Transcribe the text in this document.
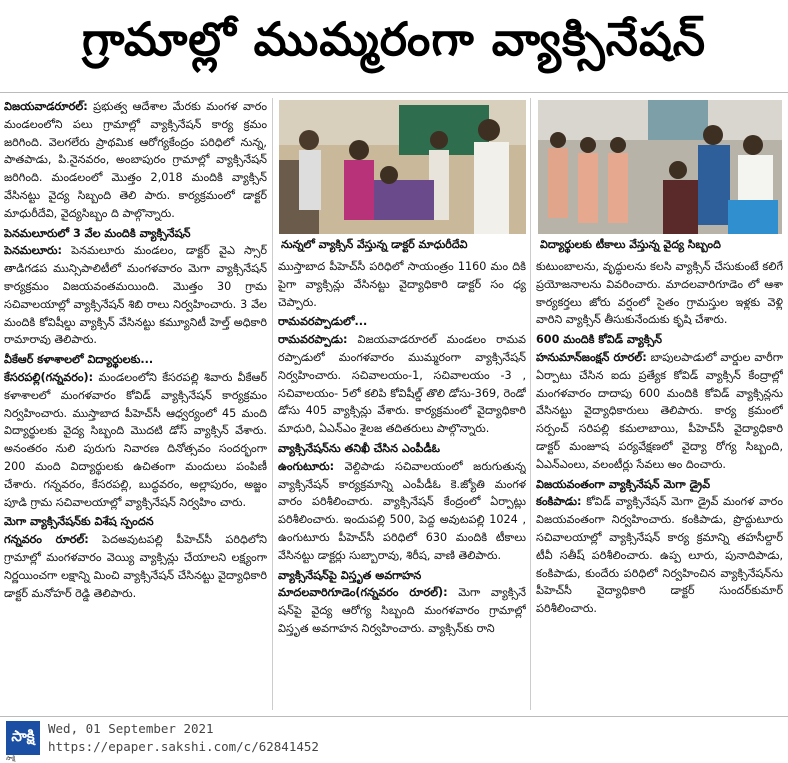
గ్రామాల్లో ముమ్మరంగా వ్యాక్సినేషన్
నున్నలో వ్యాక్సిన్ వేస్తున్న డాక్టర్ మాధురీదేవి	విద్యార్థులకు టీకాలు వేస్తున్న వైద్య సిబ్బంది

విజయవాడరూరల్: ప్రభుత్వ ఆదేశాల మేరకు మంగళ వారం మండలంలోని పలు గ్రామాల్లో వ్యాక్సినేషన్ కార్య క్రమం జరిగింది. వెలగలేరు ప్రాథమిక ఆరోగ్యకేంద్రం పరిధిలో నున్న, పాతపాడు, పి.నైనవరం, అంబాపురం గ్రామాల్లో వ్యాక్సినేషన్ జరిగింది. మండలంలో మొత్తం 2,018 మందికి వ్యాక్సిన్ వేసినట్టు వైద్య సిబ్బంది తెలి పారు. కార్యక్రమంలో డాక్టర్ మాధురీదేవి, వైద్యసిబ్బం ది పాల్గొన్నారు.

పెనమలూరులో 3 వేల మందికి వ్యాక్సినేషన్

పెనమలూరు: పెనమలూరు మండలం, డాక్టర్ వైఎ స్సార్ తాడిగడప మున్సిపాలిటీలో మంగళవారం మెగా వ్యాక్సినేషన్ కార్యక్రమం విజయవంతమయింది. మొత్తం 30 గ్రామ సచివాలయాల్లో వ్యాక్సినేషన్ శిబి రాలు నిర్వహించారు. 3 వేల మందికి కోవిషీల్డు వ్యాక్సిన్ వేసినట్టు కమ్యూనిటీ హెల్త్ అధికారి రామారావు తెలిపారు.

వీకేఆర్ కళాశాలలో విద్యార్థులకు...

కేసరపల్లి(గన్నవరం): మండలంలోని కేసరపల్లి శివారు వీకేఆర్ కళాశాలలో మంగళవారం కోవిడ్ వ్యాక్సినేషన్ కార్యక్రమం నిర్వహించారు. ముస్తాబాద పీహెచ్‌సీ ఆధ్వర్యంలో 45 మంది విద్యార్థులకు వైద్య సిబ్బంది మొదటి డోస్ వ్యాక్సిన్ వేశారు. అనంతరం నులి పురుగు నివారణ దినోత్సవం సందర్భంగా 200 మంది విద్యార్థులకు ఉచితంగా మందులు పంపిణీ చేశారు. గన్నవరం, కేసరపల్లి, బుద్ధవరం, అల్లాపురం, అజ్జం పూడి గ్రామ సచివాలయాల్లో వ్యాక్సినేషన్ నిర్వహిం చారు.

మెగా వ్యాక్సినేషన్‌కు విశేష స్పందన

గన్నవరం రూరల్: పెదఅవుటపల్లి పీహెచ్‌సీ పరిధిలోని గ్రామాల్లో మంగళవారం వెయ్యి వ్యాక్సిన్లు చేయాలని లక్ష్యంగా నిర్ణయించగా లక్షాన్ని మించి వ్యాక్సినేషన్ చేసినట్టు వైద్యాధికారి డాక్టర్ మనోహర్ రెడ్డి తెలిపారు.

ముస్తాబాద పీహెచ్‌సీ పరిధిలో సాయంత్రం 1160 మం దికి పైగా వ్యాక్సిన్లు వేసినట్టు వైద్యాధికారి డాక్టర్ సం ధ్య చెప్పారు.

రామవరప్పాడులో...

రామవరప్పాడు: విజయవాడరూరల్ మండలం రామవ రప్పాడులో మంగళవారం ముమ్మరంగా వ్యాక్సినేషన్ నిర్వహించారు. సచివాలయం-1, సచివాలయం -3 , సచివాలయం- 5లో కలిపి కోవిషీల్డ్ తొలి డోసు-369, రెండో డోసు 405 వ్యాక్సిన్లు వేశారు. కార్యక్రమంలో వైద్యాధికారి మాధురి, ఏఎన్‌ఎం శైలజ తదితరులు పాల్గొన్నారు.

వ్యాక్సినేషన్‌ను తనిఖీ చేసిన ఎంపీడీఓ

ఉంగుటూరు: వెల్దిపాడు సచివాలయంలో జరుగుతున్న వ్యాక్సినేషన్ కార్యక్రమాన్ని ఎంపీడీఓ కె.జ్యోతి మంగళ వారం పరిశీలించారు. వ్యాక్సినేషన్ కేంద్రంలో ఏర్పాట్లు పరిశీలించారు. ఇందుపల్లి 500, పెద్ద అవుటపల్లి 1024 , ఉంగుటూరు పీహెచ్‌సీ పరిధిలో 630 మందికి టీకాలు వేసినట్టు డాక్టర్లు సుబ్బారావు, శిరీష, వాణి తెలిపారు.

వ్యాక్సినేషన్‌పై విస్తృత అవగాహన

మాదలవారిగూడెం(గన్నవరం రూరల్): మెగా వ్యాక్సినే షన్‌పై వైద్య ఆరోగ్య సిబ్బంది మంగళవారం గ్రామాల్లో విస్తృత అవగాహన నిర్వహించారు. వ్యాక్సిన్‌కు రాని

కుటుంబాలను, వృద్ధులను కలసి వ్యాక్సిన్ చేసుకుంటే కలిగే ప్రయోజనాలను వివరించారు. మాదలవారిగూడెం లో ఆశా కార్యకర్తలు జోరు వర్షంలో సైతం గ్రామస్తుల ఇళ్లకు వెళ్లి వారిని వ్యాక్సిన్ తీసుకునేందుకు కృషి చేశారు.

600 మందికి కోవిడ్ వ్యాక్సిన్

హనుమాన్‌జంక్షన్ రూరల్: బాపులపాడులో వార్డుల వారీగా ఏర్పాటు చేసిన ఐదు ప్రత్యేక కోవిడ్ వ్యాక్సిన్ కేంద్రాల్లో మంగళవారం దాదాపు 600 మందికి కోవిడ్ వ్యాక్సిన్లను వేసినట్టు వైద్యాధికారులు తెలిపారు. కార్య క్రమంలో సర్పంచ్ సరిపల్లి కమలాబాయి, పీహెచ్‌సీ వైద్యాధికారి డాక్టర్ మంజూష పర్యవేక్షణలో వైద్యా రోగ్య సిబ్బంది, ఏఎన్ఎంలు, వలంటీర్లు సేవలు అం దించారు.

విజయవంతంగా వ్యాక్సినేషన్ మెగా డ్రైవ్

కంకిపాడు: కోవిడ్ వ్యాక్సినేషన్ మెగా డ్రైవ్ మంగళ వారం విజయవంతంగా నిర్వహించారు. కంకిపాడు, ప్రొద్దుటూరు సచివాలయాల్లో వ్యాక్సినేషన్ కార్య క్రమాన్ని తహసీల్దార్ టీవీ సతీష్ పరిశీలించారు. ఉప్ప లూరు, పునాదిపాడు, కంకిపాడు, కుందేరు పరిధిలో నిర్వహించిన వ్యాక్సినేషన్‌ను పీహెచ్‌సీ వైద్యాధికారి డాక్టర్ సుందర్‌కుమార్ పరిశీలించారు.

సాక్షి
సాక్షి
Wed, 01 September 2021
https://epaper.sakshi.com/c/62841452
